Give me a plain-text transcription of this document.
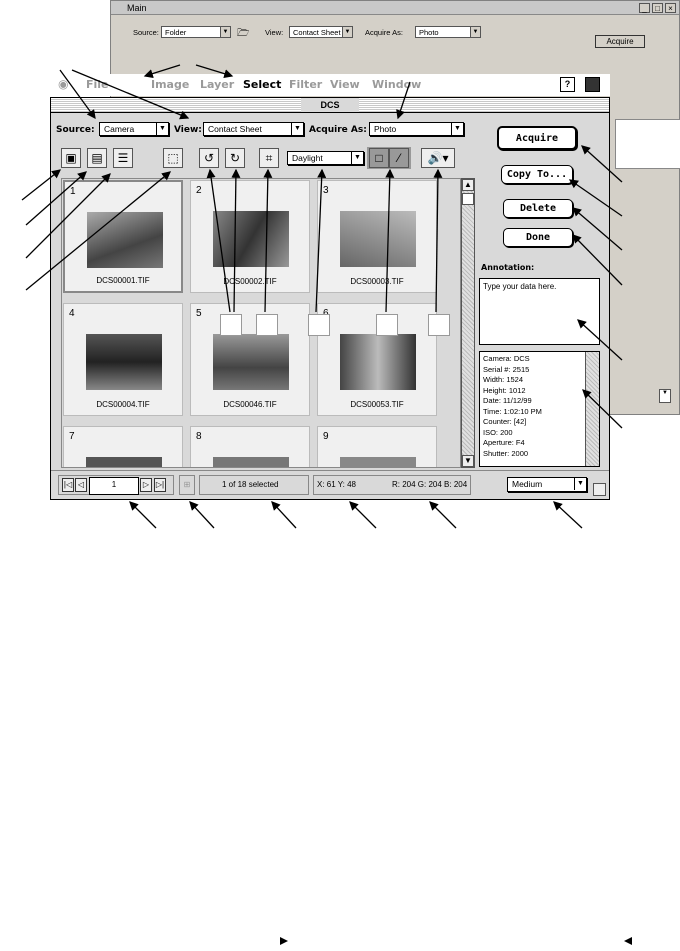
Main	_	□	×
Source: Folder	▼ 🗁 View:	Contact Sheet ▼ Acquire As:	Photo	▼
Acquire
▼
◉ File	Image Layer Select Filter View Window	?
DCS
Source:	Camera	▼ View: Contact Sheet	▼ Acquire As: Photo	▼
▣	▤	☰	⬚	↺	↻	⌗	Daylight	▼	□	⁄	🔊▾
1
DCS00001.TIF
2
DCS00002.TIF
3
DCS00003.TIF
4
DCS00004.TIF
5
DCS00046.TIF	DCS00053.TIF
7	8	9
▲
▼
Acquire
Copy To...
Delete
Done
Annotation:
Type your data here.
Camera: DCS
Serial #: 2515
Width: 1524
Height: 1012
Date: 11/12/99
Time: 1:02:10 PM
Counter: [42]
ISO: 200
Aperture: F4
Shutter: 2000
|◁ ◁	1	▷ ▷|	⊞	1 of 18 selected	X: 61 Y: 48	R: 204 G: 204 B: 204	Medium	▼
